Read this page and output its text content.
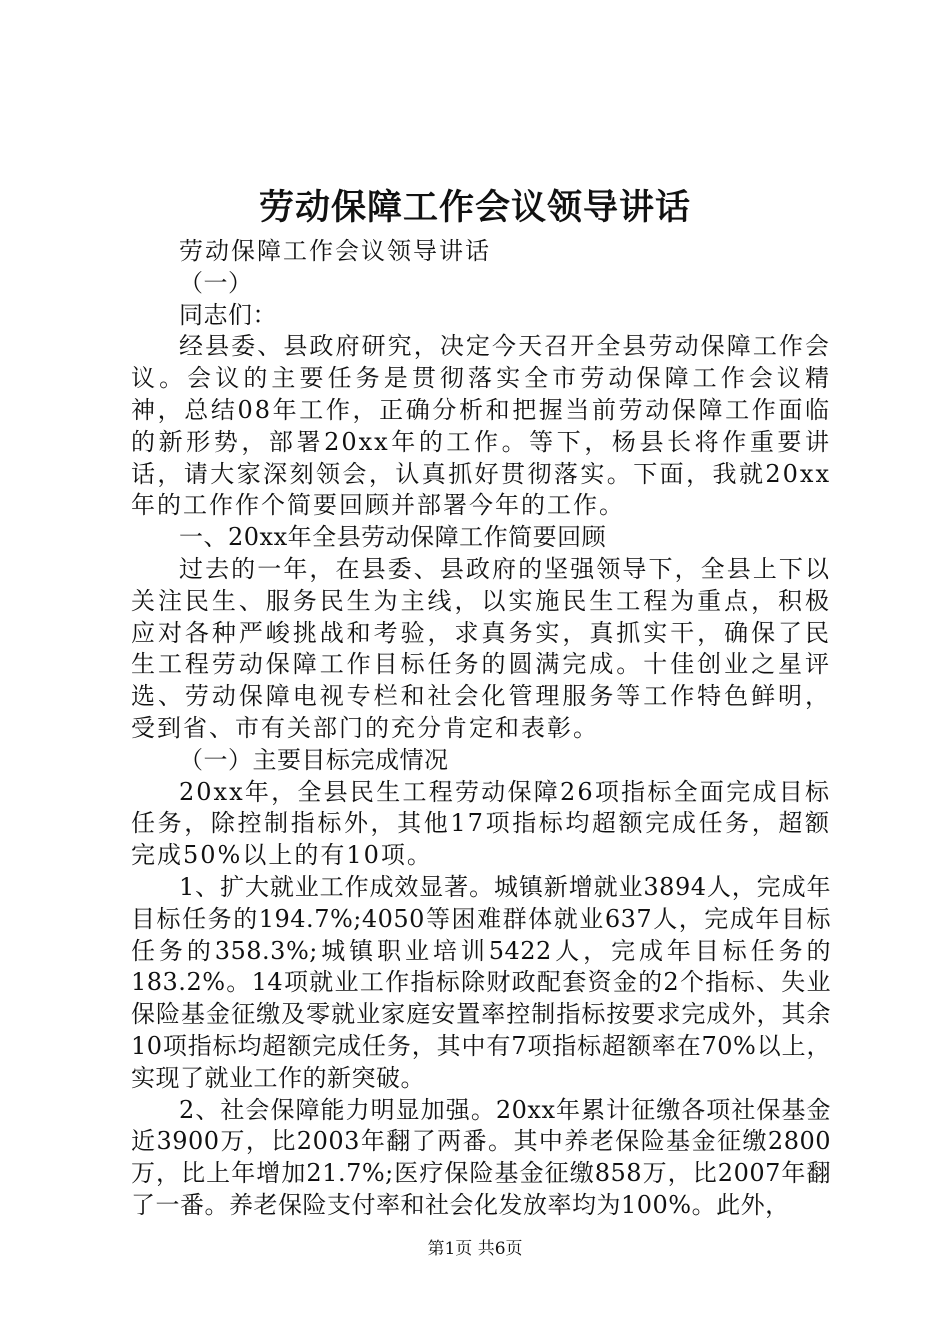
劳动保障工作会议领导讲话

劳动保障工作会议领导讲话

（一）

同志们：

经县委、县政府研究，决定今天召开全县劳动保障工作会议。会议的主要任务是贯彻落实全市劳动保障工作会议精神，总结08年工作，正确分析和把握当前劳动保障工作面临的新形势，部署20xx年的工作。等下，杨县长将作重要讲话，请大家深刻领会，认真抓好贯彻落实。下面，我就20xx年的工作作个简要回顾并部署今年的工作。

一、20xx年全县劳动保障工作简要回顾

过去的一年，在县委、县政府的坚强领导下，全县上下以关注民生、服务民生为主线，以实施民生工程为重点，积极应对各种严峻挑战和考验，求真务实，真抓实干，确保了民生工程劳动保障工作目标任务的圆满完成。十佳创业之星评选、劳动保障电视专栏和社会化管理服务等工作特色鲜明，受到省、市有关部门的充分肯定和表彰。

（一）主要目标完成情况

20xx年，全县民生工程劳动保障26项指标全面完成目标任务，除控制指标外，其他17项指标均超额完成任务，超额完成50%以上的有10项。

1、扩大就业工作成效显著。城镇新增就业3894人，完成年目标任务的194.7%;4050等困难群体就业637人，完成年目标任务的358.3%;城镇职业培训5422人，完成年目标任务的183.2%。14项就业工作指标除财政配套资金的2个指标、失业保险基金征缴及零就业家庭安置率控制指标按要求完成外，其余10项指标均超额完成任务，其中有7项指标超额率在70%以上，实现了就业工作的新突破。

2、社会保障能力明显加强。20xx年累计征缴各项社保基金近3900万，比2003年翻了两番。其中养老保险基金征缴2800万，比上年增加21.7%;医疗保险基金征缴858万，比2007年翻了一番。养老保险支付率和社会化发放率均为100%。此外，

第1页 共6页
